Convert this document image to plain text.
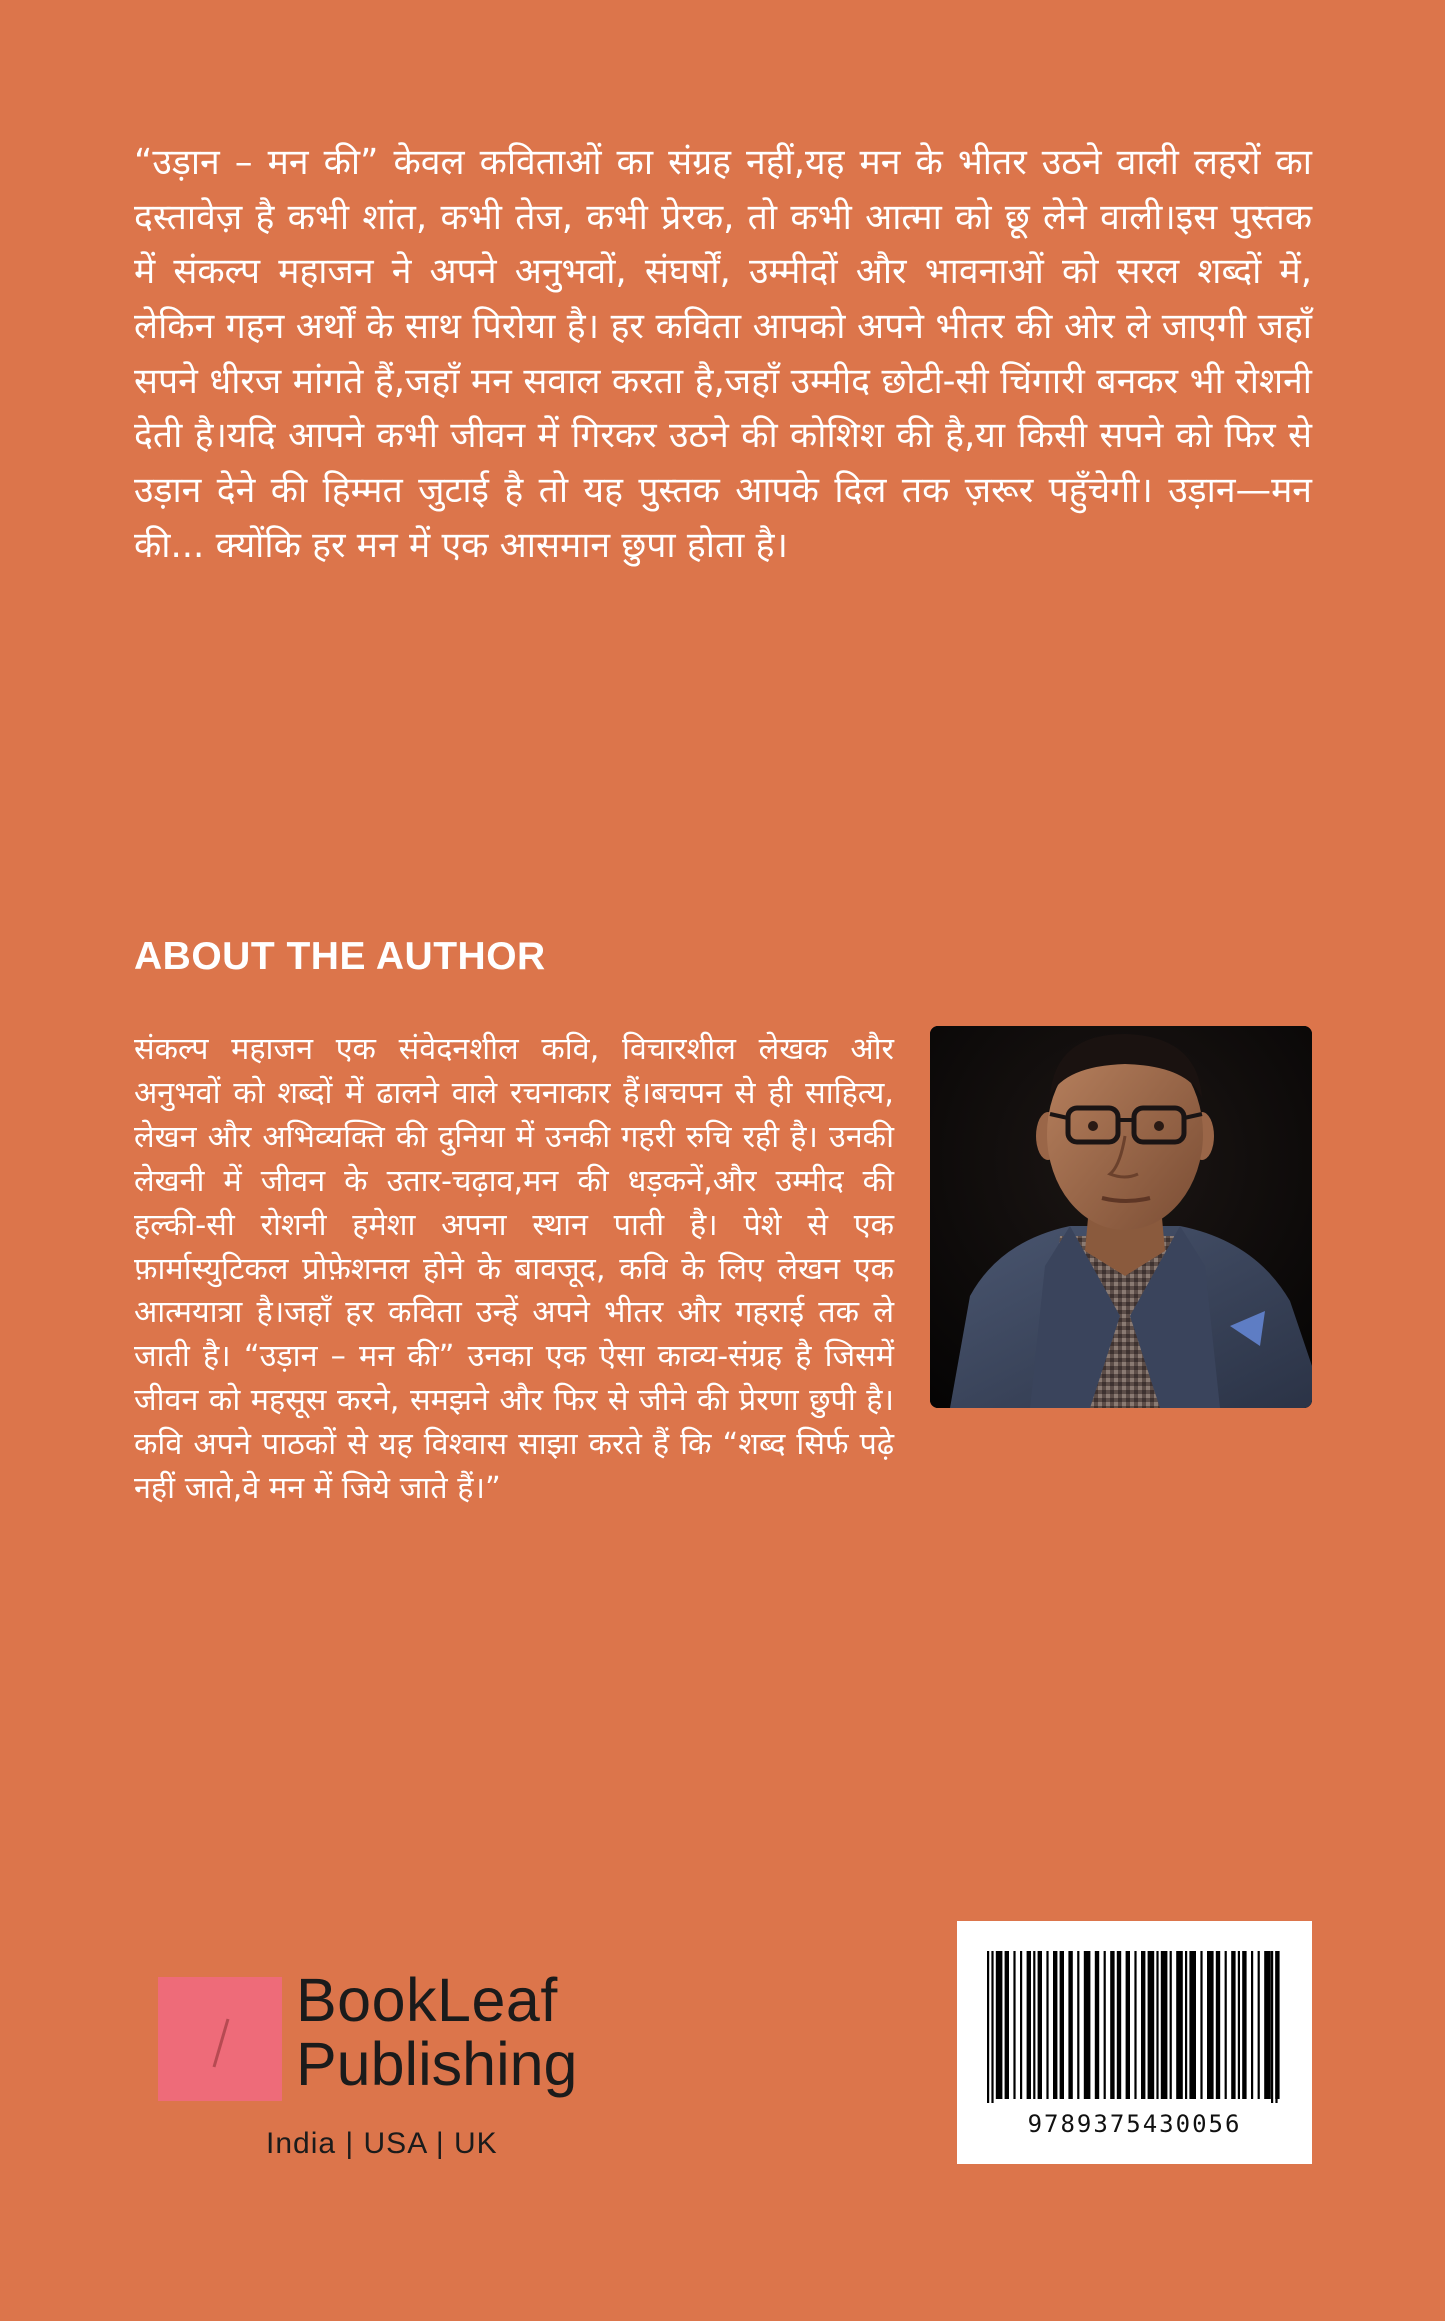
“उड़ान – मन की” केवल कविताओं का संग्रह नहीं,यह मन के भीतर उठने वाली लहरों का दस्तावेज़ है कभी शांत, कभी तेज, कभी प्रेरक, तो कभी आत्मा को छू लेने वाली।इस पुस्तक में संकल्प महाजन ने अपने अनुभवों, संघर्षों, उम्मीदों और भावनाओं को सरल शब्दों में, लेकिन गहन अर्थों के साथ पिरोया है। हर कविता आपको अपने भीतर की ओर ले जाएगी जहाँ सपने धीरज मांगते हैं,जहाँ मन सवाल करता है,जहाँ उम्मीद छोटी-सी चिंगारी बनकर भी रोशनी देती है।यदि आपने कभी जीवन में गिरकर उठने की कोशिश की है,या किसी सपने को फिर से उड़ान देने की हिम्मत जुटाई है तो यह पुस्तक आपके दिल तक ज़रूर पहुँचेगी। उड़ान—मन की... क्योंकि हर मन में एक आसमान छुपा होता है।

ABOUT THE AUTHOR

संकल्प महाजन एक संवेदनशील कवि, विचारशील लेखक और अनुभवों को शब्दों में ढालने वाले रचनाकार हैं।बचपन से ही साहित्य, लेखन और अभिव्यक्ति की दुनिया में उनकी गहरी रुचि रही है। उनकी लेखनी में जीवन के उतार-चढ़ाव,मन की धड़कनें,और उम्मीद की हल्की-सी रोशनी हमेशा अपना स्थान पाती है। पेशे से एक फ़ार्मास्युटिकल प्रोफ़ेशनल होने के बावजूद, कवि के लिए लेखन एक आत्मयात्रा है।जहाँ हर कविता उन्हें अपने भीतर और गहराई तक ले जाती है। “उड़ान – मन की” उनका एक ऐसा काव्य-संग्रह है जिसमें जीवन को महसूस करने, समझने और फिर से जीने की प्रेरणा छुपी है। कवि अपने पाठकों से यह विश्वास साझा करते हैं कि “शब्द सिर्फ पढ़े नहीं जाते,वे मन में जिये जाते हैं।”

BookLeaf

Publishing

India | USA | UK

9789375430056
